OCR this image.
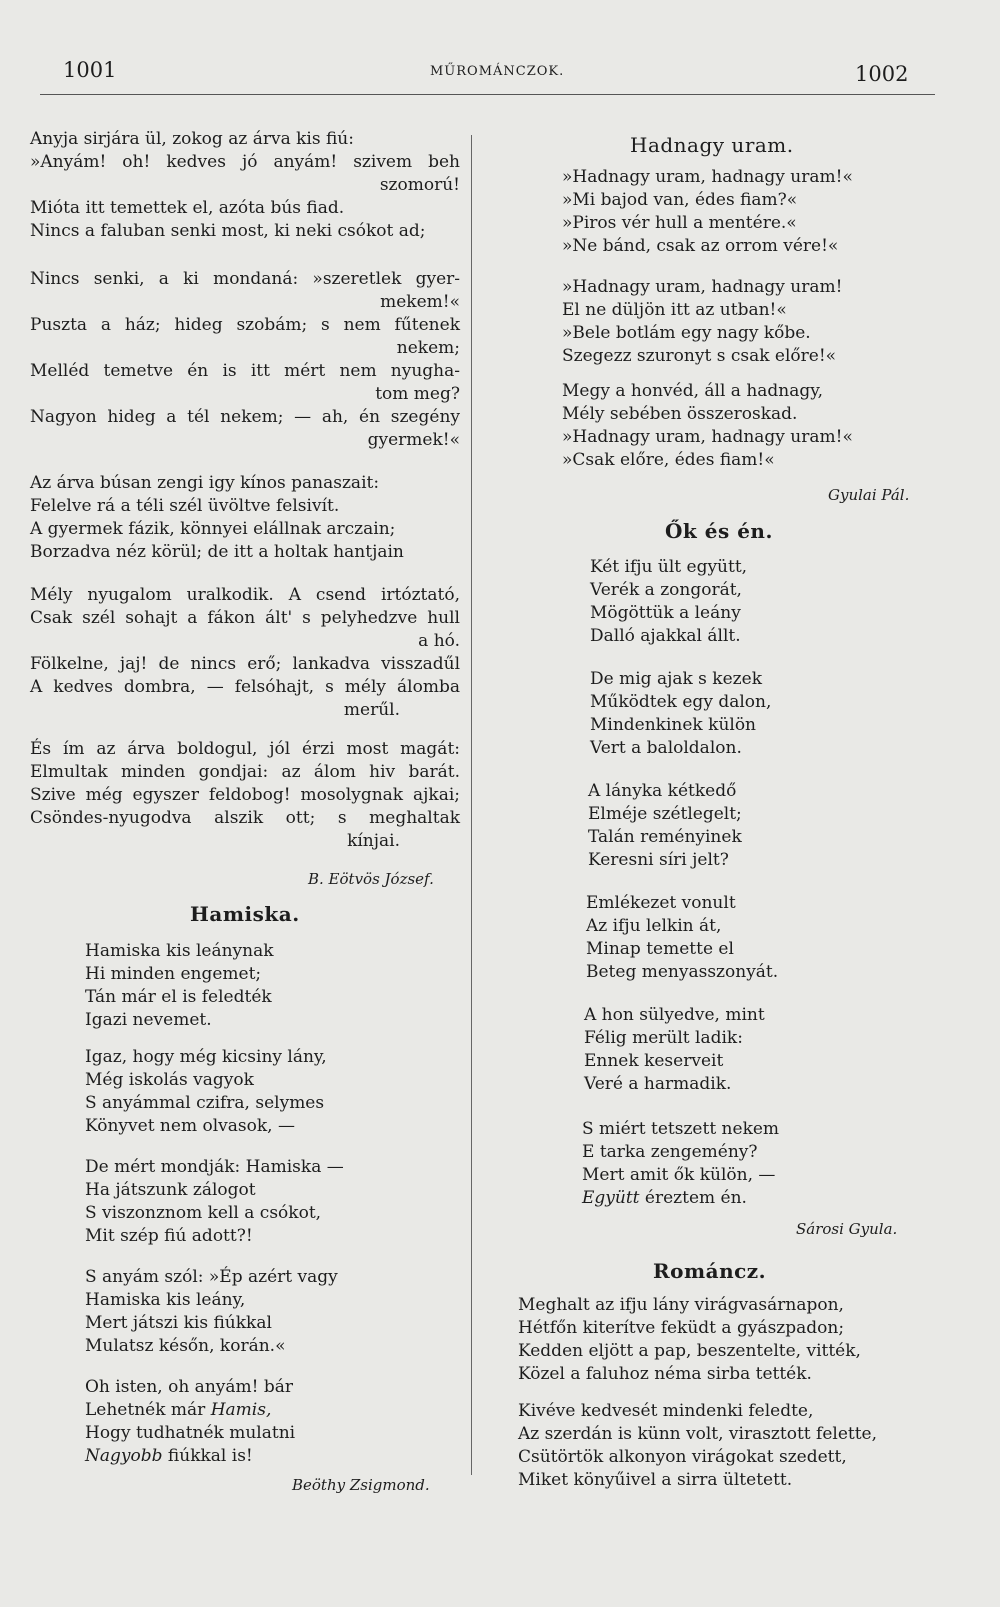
1001	MŰROMÁNCZOK.	1002
Anyja sirjára ül, zokog az árva kis fiú:
»Anyám! oh! kedves jó anyám! szivem beh
szomorú!
Mióta itt temettek el, azóta bús fiad.
Nincs a faluban senki most, ki neki csókot ad;
Nincs senki, a ki mondaná: »szeretlek gyer-
mekem!«
Puszta a ház; hideg szobám; s nem fűtenek
nekem;
Melléd temetve én is itt mért nem nyugha-
tom meg?
Nagyon hideg a tél nekem; — ah, én szegény
gyermek!«
Az árva búsan zengi igy kínos panaszait:
Felelve rá a téli szél üvöltve felsivít.
A gyermek fázik, könnyei elállnak arczain;
Borzadva néz körül; de itt a holtak hantjain
Mély nyugalom uralkodik. A csend irtóztató,
Csak szél sohajt a fákon ált' s pelyhedzve hull
a hó.
Fölkelne, jaj! de nincs erő; lankadva visszadűl
A kedves dombra, — felsóhajt, s mély álomba
merűl.
És ím az árva boldogul, jól érzi most magát:
Elmultak minden gondjai: az álom hiv barát.
Szive még egyszer feldobog! mosolygnak ajkai;
Csöndes-nyugodva alszik ott; s meghaltak
kínjai.
B. Eötvös József.
Hamiska.
Hamiska kis leánynak
Hi minden engemet;
Tán már el is feledték
Igazi nevemet.
Igaz, hogy még kicsiny lány,
Még iskolás vagyok
S anyámmal czifra, selymes
Könyvet nem olvasok, —
De mért mondják: Hamiska —
Ha játszunk zálogot
S viszonznom kell a csókot,
Mit szép fiú adott?!
S anyám szól: »Ép azért vagy
Hamiska kis leány,
Mert játszi kis fiúkkal
Mulatsz későn, korán.«
Oh isten, oh anyám! bár
Lehetnék már Hamis,
Hogy tudhatnék mulatni
Nagyobb fiúkkal is!
Beöthy Zsigmond.
Hadnagy uram.
»Hadnagy uram, hadnagy uram!«
»Mi bajod van, édes fiam?«
»Piros vér hull a mentére.«
»Ne bánd, csak az orrom vére!«
»Hadnagy uram, hadnagy uram!
El ne düljön itt az utban!«
»Bele botlám egy nagy kőbe.
Szegezz szuronyt s csak előre!«
Megy a honvéd, áll a hadnagy,
Mély sebében összeroskad.
»Hadnagy uram, hadnagy uram!«
»Csak előre, édes fiam!«
Gyulai Pál.
Ők és én.
Két ifju ült együtt,
Verék a zongorát,
Mögöttük a leány
Dalló ajakkal állt.
De mig ajak s kezek
Működtek egy dalon,
Mindenkinek külön
Vert a baloldalon.
A lányka kétkedő
Elméje szétlegelt;
Talán reményinek
Keresni síri jelt?
Emlékezet vonult
Az ifju lelkin át,
Minap temette el
Beteg menyasszonyát.
A hon sülyedve, mint
Félig merült ladik:
Ennek keserveit
Veré a harmadik.
S miért tetszett nekem
E tarka zengemény?
Mert amit ők külön, —
Együtt éreztem én.
Sárosi Gyula.
Románcz.
Meghalt az ifju lány virágvasárnapon,
Hétfőn kiterítve feküdt a gyászpadon;
Kedden eljött a pap, beszentelte, vitték,
Közel a faluhoz néma sirba tették.
Kivéve kedvesét mindenki feledte,
Az szerdán is künn volt, virasztott felette,
Csütörtök alkonyon virágokat szedett,
Miket könyűivel a sirra ültetett.
